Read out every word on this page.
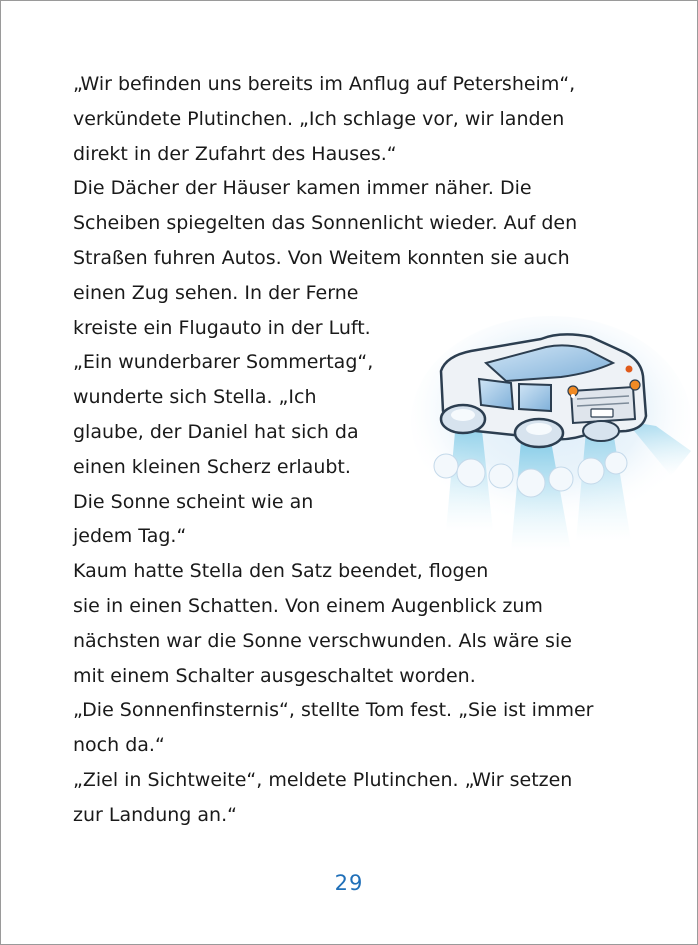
„Wir befinden uns bereits im Anflug auf Petersheim“,
verkündete Plutinchen. „Ich schlage vor, wir landen
direkt in der Zufahrt des Hauses.“
Die Dächer der Häuser kamen immer näher. Die
Scheiben spiegelten das Sonnenlicht wieder. Auf den
Straßen fuhren Autos. Von Weitem konnten sie auch
einen Zug sehen. In der Ferne
kreiste ein Flugauto in der Luft.
„Ein wunderbarer Sommertag“,
wunderte sich Stella. „Ich
glaube, der Daniel hat sich da
einen kleinen Scherz erlaubt.
Die Sonne scheint wie an
jedem Tag.“
Kaum hatte Stella den Satz beendet, flogen
sie in einen Schatten. Von einem Augenblick zum
nächsten war die Sonne verschwunden. Als wäre sie
mit einem Schalter ausgeschaltet worden.
„Die Sonnenfinsternis“, stellte Tom fest. „Sie ist immer
noch da.“
„Ziel in Sichtweite“, meldete Plutinchen. „Wir setzen
zur Landung an.“
29
